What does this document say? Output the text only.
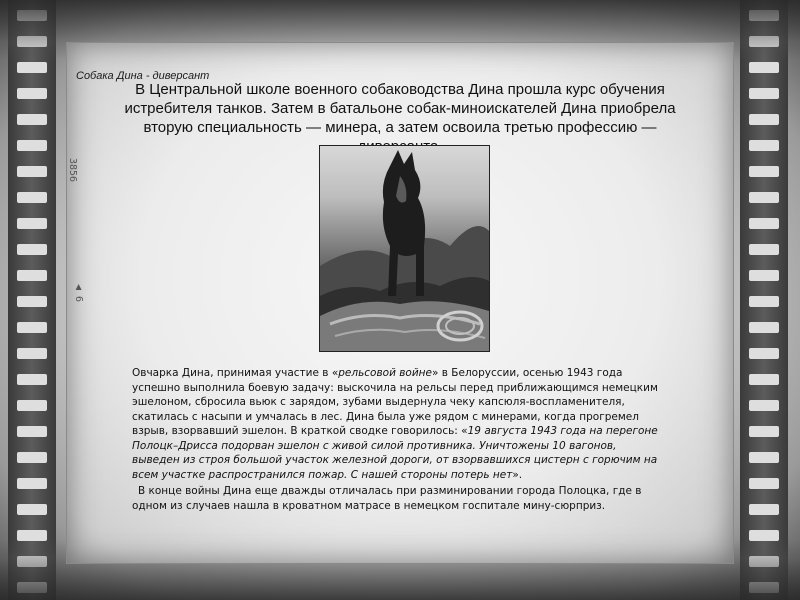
3856
◀ 6

Собака Дина - диверсант

В Центральной школе военного собаководства Дина прошла курс обучения истребителя танков. Затем в батальоне собак-миноискателей Дина приобрела вторую специальность — минера, а затем освоила третью профессию —

Овчарка Дина, принимая участие в «рельсовой войне» в Белоруссии, осенью 1943 года успешно выполнила боевую задачу: выскочила на рельсы перед приближающимся немецким эшелоном, сбросила вьюк с зарядом, зубами выдернула чеку капсюля-воспламенителя, скатилась с насыпи и умчалась в лес. Дина была уже рядом с минерами, когда прогремел взрыв, взорвавший эшелон. В краткой сводке говорилось: «19 августа 1943 года на перегоне Полоцк–Дрисса подорван эшелон с живой силой противника. Уничтожены 10 вагонов, выведен из строя большой участок железной дороги, от взорвавшихся цистерн с горючим на всем участке распространился пожар. С нашей стороны потерь нет».

В конце войны Дина еще дважды отличалась при разминировании города Полоцка, где в одном из случаев нашла в кроватном матрасе в немецком госпитале мину-сюрприз.
